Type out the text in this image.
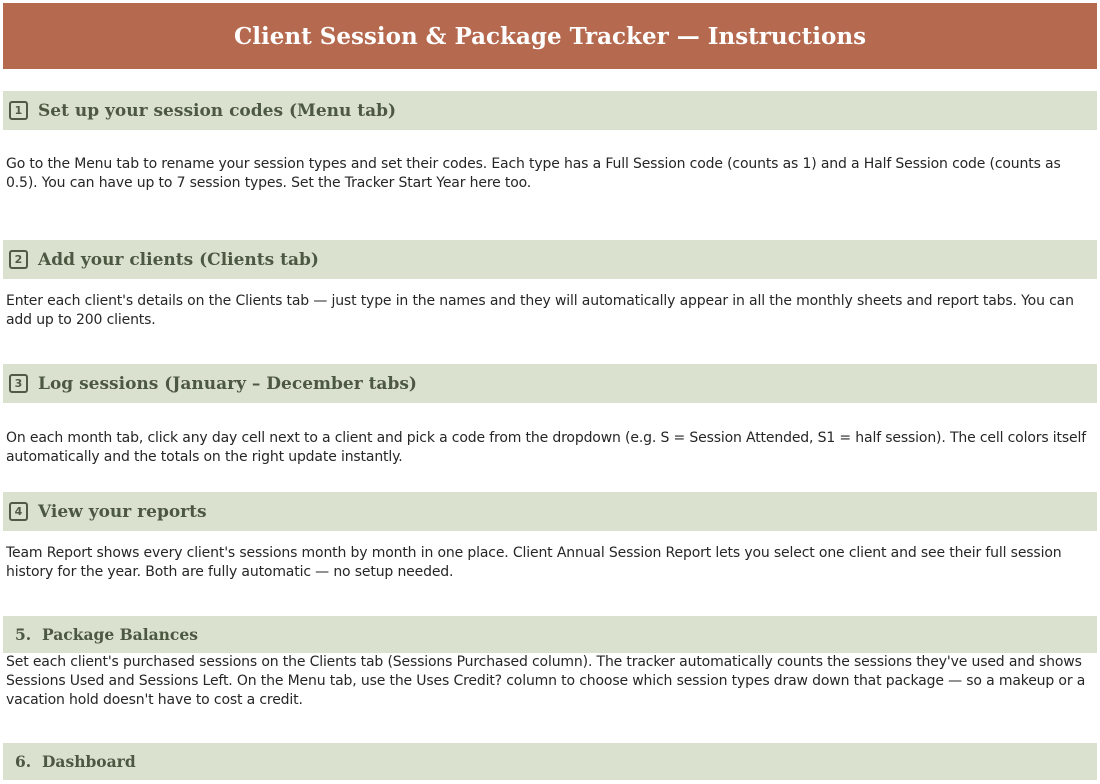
Client Session & Package Tracker — Instructions
1 Set up your session codes (Menu tab)
Go to the Menu tab to rename your session types and set their codes. Each type has a Full Session code (counts as 1) and a Half Session code (counts as 0.5). You can have up to 7 session types. Set the Tracker Start Year here too.
2 Add your clients (Clients tab)
Enter each client's details on the Clients tab — just type in the names and they will automatically appear in all the monthly sheets and report tabs. You can add up to 200 clients.
3 Log sessions (January – December tabs)
On each month tab, click any day cell next to a client and pick a code from the dropdown (e.g. S = Session Attended, S1 = half session). The cell colors itself automatically and the totals on the right update instantly.
4 View your reports
Team Report shows every client's sessions month by month in one place. Client Annual Session Report lets you select one client and see their full session history for the year. Both are fully automatic — no setup needed.
5. Package Balances
Set each client's purchased sessions on the Clients tab (Sessions Purchased column). The tracker automatically counts the sessions they've used and shows Sessions Used and Sessions Left. On the Menu tab, use the Uses Credit? column to choose which session types draw down that package — so a makeup or a vacation hold doesn't have to cost a credit.
6. Dashboard
